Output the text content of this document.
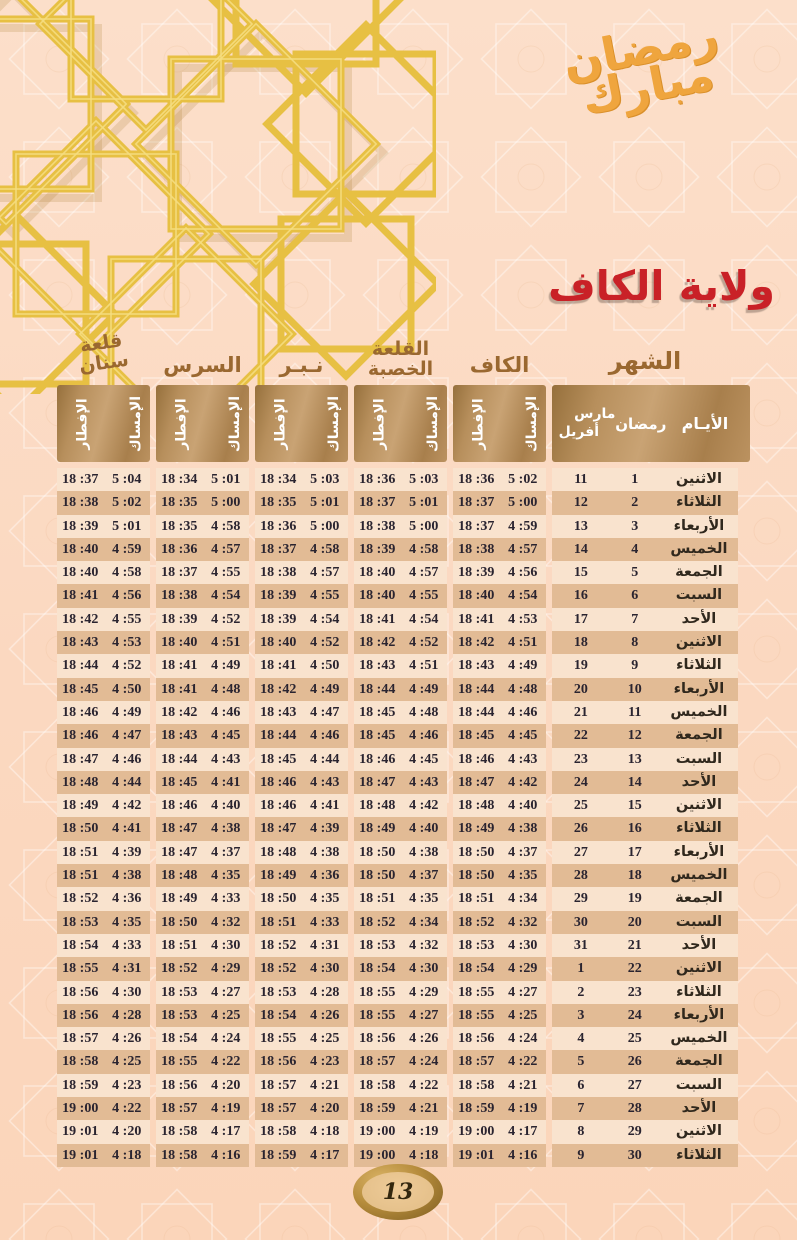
رمضان مبارك
ولاية الكاف
قلعة سنان	السرس	نـبـر
القلعة الخصبة	الكاف	الشهر
الإفطار	الإمساك الإفطار	الإمساك الإفطار	الإمساك الإفطار	الإمساك الإفطار	الإمساك مارس
أفريل رمضان الأيـام
18 :37 5 :04	18 :34 5 :01	18 :34 5 :03	18 :36 5 :03	18 :36 5 :02	11	1	الاثنين
18 :38 5 :02	18 :35 5 :00	18 :35 5 :01	18 :37 5 :01	18 :37 5 :00	12	2	الثلاثاء
18 :39 5 :01	18 :35 4 :58	18 :36 5 :00	18 :38 5 :00	18 :37 4 :59	13	3	الأربعاء
18 :40 4 :59	18 :36 4 :57	18 :37 4 :58	18 :39 4 :58	18 :38 4 :57	14	4	الخميس
18 :40 4 :58	18 :37 4 :55	18 :38 4 :57	18 :40 4 :57	18 :39 4 :56	15	5	الجمعة
18 :41 4 :56	18 :38 4 :54	18 :39 4 :55	18 :40 4 :55	18 :40 4 :54	16	6	السبت
18 :42 4 :55	18 :39 4 :52	18 :39 4 :54	18 :41 4 :54	18 :41 4 :53	17	7	الأحد
18 :43 4 :53	18 :40 4 :51	18 :40 4 :52	18 :42 4 :52	18 :42 4 :51	18	8	الاثنين
18 :44 4 :52	18 :41 4 :49	18 :41 4 :50	18 :43 4 :51	18 :43 4 :49	19	9	الثلاثاء
18 :45 4 :50	18 :41 4 :48	18 :42 4 :49	18 :44 4 :49	18 :44 4 :48	20	10	الأربعاء
18 :46 4 :49	18 :42 4 :46	18 :43 4 :47	18 :45 4 :48	18 :44 4 :46	21	11	الخميس
18 :46 4 :47	18 :43 4 :45	18 :44 4 :46	18 :45 4 :46	18 :45 4 :45	22	12	الجمعة
18 :47 4 :46	18 :44 4 :43	18 :45 4 :44	18 :46 4 :45	18 :46 4 :43	23	13	السبت
18 :48 4 :44	18 :45 4 :41	18 :46 4 :43	18 :47 4 :43	18 :47 4 :42	24	14	الأحد
18 :49 4 :42	18 :46 4 :40	18 :46 4 :41	18 :48 4 :42	18 :48 4 :40	25	15	الاثنين
18 :50 4 :41	18 :47 4 :38	18 :47 4 :39	18 :49 4 :40	18 :49 4 :38	26	16	الثلاثاء
18 :51 4 :39	18 :47 4 :37	18 :48 4 :38	18 :50 4 :38	18 :50 4 :37	27	17	الأربعاء
18 :51 4 :38	18 :48 4 :35	18 :49 4 :36	18 :50 4 :37	18 :50 4 :35	28	18	الخميس
18 :52 4 :36	18 :49 4 :33	18 :50 4 :35	18 :51 4 :35	18 :51 4 :34	29	19	الجمعة
18 :53 4 :35	18 :50 4 :32	18 :51 4 :33	18 :52 4 :34	18 :52 4 :32	30	20	السبت
18 :54 4 :33	18 :51 4 :30	18 :52 4 :31	18 :53 4 :32	18 :53 4 :30	31	21	الأحد
18 :55 4 :31	18 :52 4 :29	18 :52 4 :30	18 :54 4 :30	18 :54 4 :29	1	22	الاثنين
18 :56 4 :30	18 :53 4 :27	18 :53 4 :28	18 :55 4 :29	18 :55 4 :27	2	23	الثلاثاء
18 :56 4 :28	18 :53 4 :25	18 :54 4 :26	18 :55 4 :27	18 :55 4 :25	3	24	الأربعاء
18 :57 4 :26	18 :54 4 :24	18 :55 4 :25	18 :56 4 :26	18 :56 4 :24	4	25	الخميس
18 :58 4 :25	18 :55 4 :22	18 :56 4 :23	18 :57 4 :24	18 :57 4 :22	5	26	الجمعة
18 :59 4 :23	18 :56 4 :20	18 :57 4 :21	18 :58 4 :22	18 :58 4 :21	6	27	السبت
19 :00 4 :22	18 :57 4 :19	18 :57 4 :20	18 :59 4 :21	18 :59 4 :19	7	28	الأحد
19 :01 4 :20	18 :58 4 :17	18 :58 4 :18	19 :00 4 :19	19 :00 4 :17	8	29	الاثنين
19 :01 4 :18	18 :58 4 :16	18 :59 4 :17	19 :00 4 :18	19 :01 4 :16	9	30	الثلاثاء
13
